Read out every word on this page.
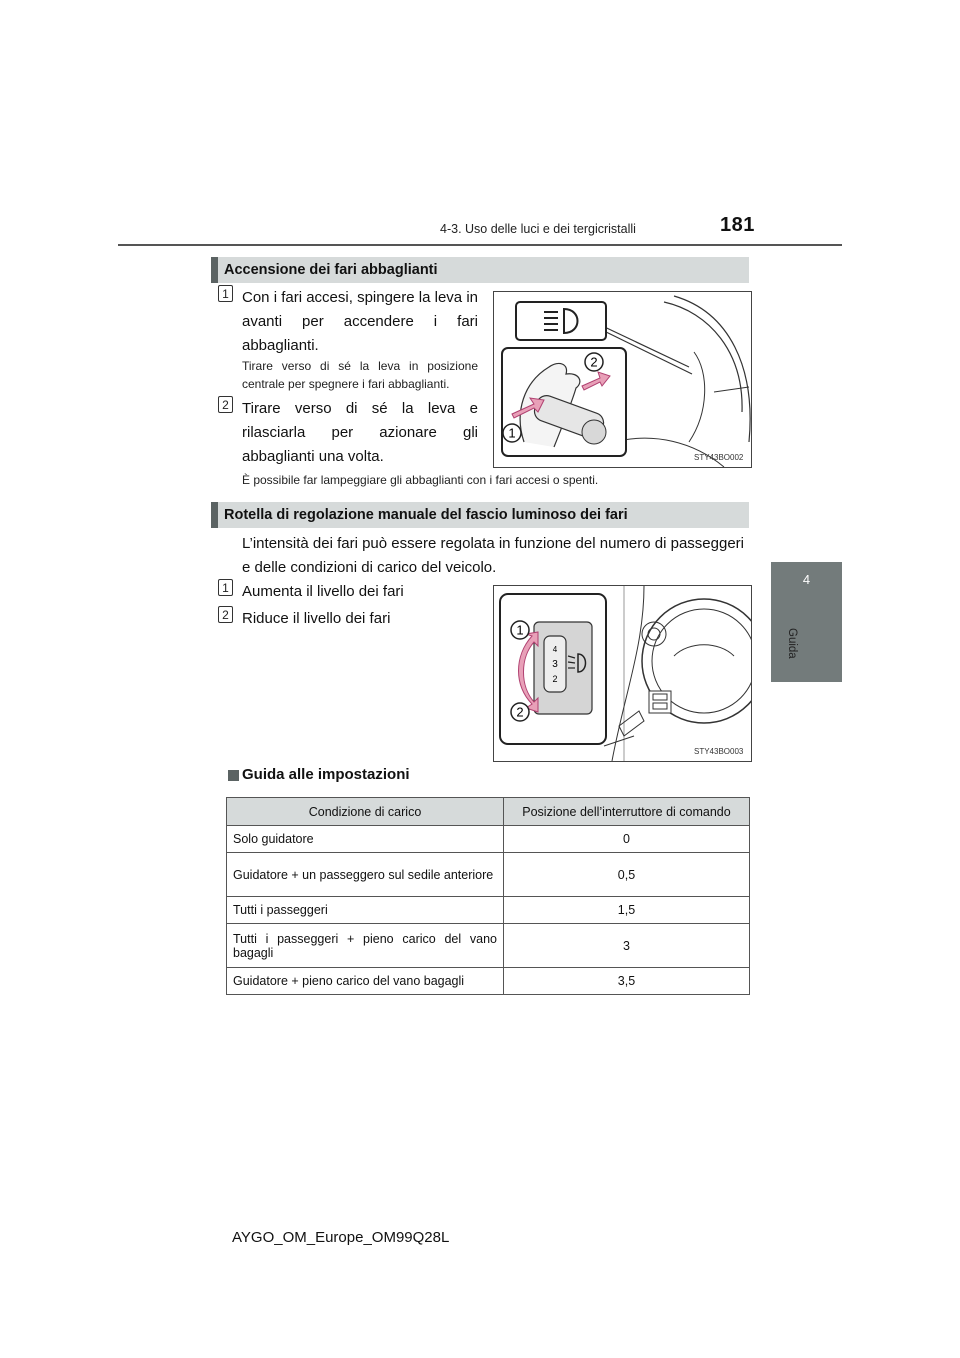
4-3. Uso delle luci e dei tergicristalli	181
4
Guida
Accensione dei fari abbaglianti
1 Con i fari accesi, spingere la leva in avanti per accendere i fari abbaglianti.
Tirare verso di sé la leva in posizione centrale per spegnere i fari abbaglianti.
2 Tirare verso di sé la leva e rilasciarla per azionare gli abbaglianti una volta.
È possibile far lampeggiare gli abbaglianti con i fari accesi o spenti.
2
1
STY43BO002
Rotella di regolazione manuale del fascio luminoso dei fari
L’intensità dei fari può essere regolata in funzione del numero di passeggeri e delle condizioni di carico del veicolo.
1 Aumenta il livello dei fari
2 Riduce il livello dei fari
4
3
2
1
2
STY43BO003
Guida alle impostazioni
Condizione di carico	Posizione dell’interruttore di comando
Solo guidatore	0
Guidatore + un passeggero sul sedile anteriore	0,5
Tutti i passeggeri	1,5
Tutti i passeggeri + pieno carico del vano bagagli	3
Guidatore + pieno carico del vano bagagli	3,5
AYGO_OM_Europe_OM99Q28L
